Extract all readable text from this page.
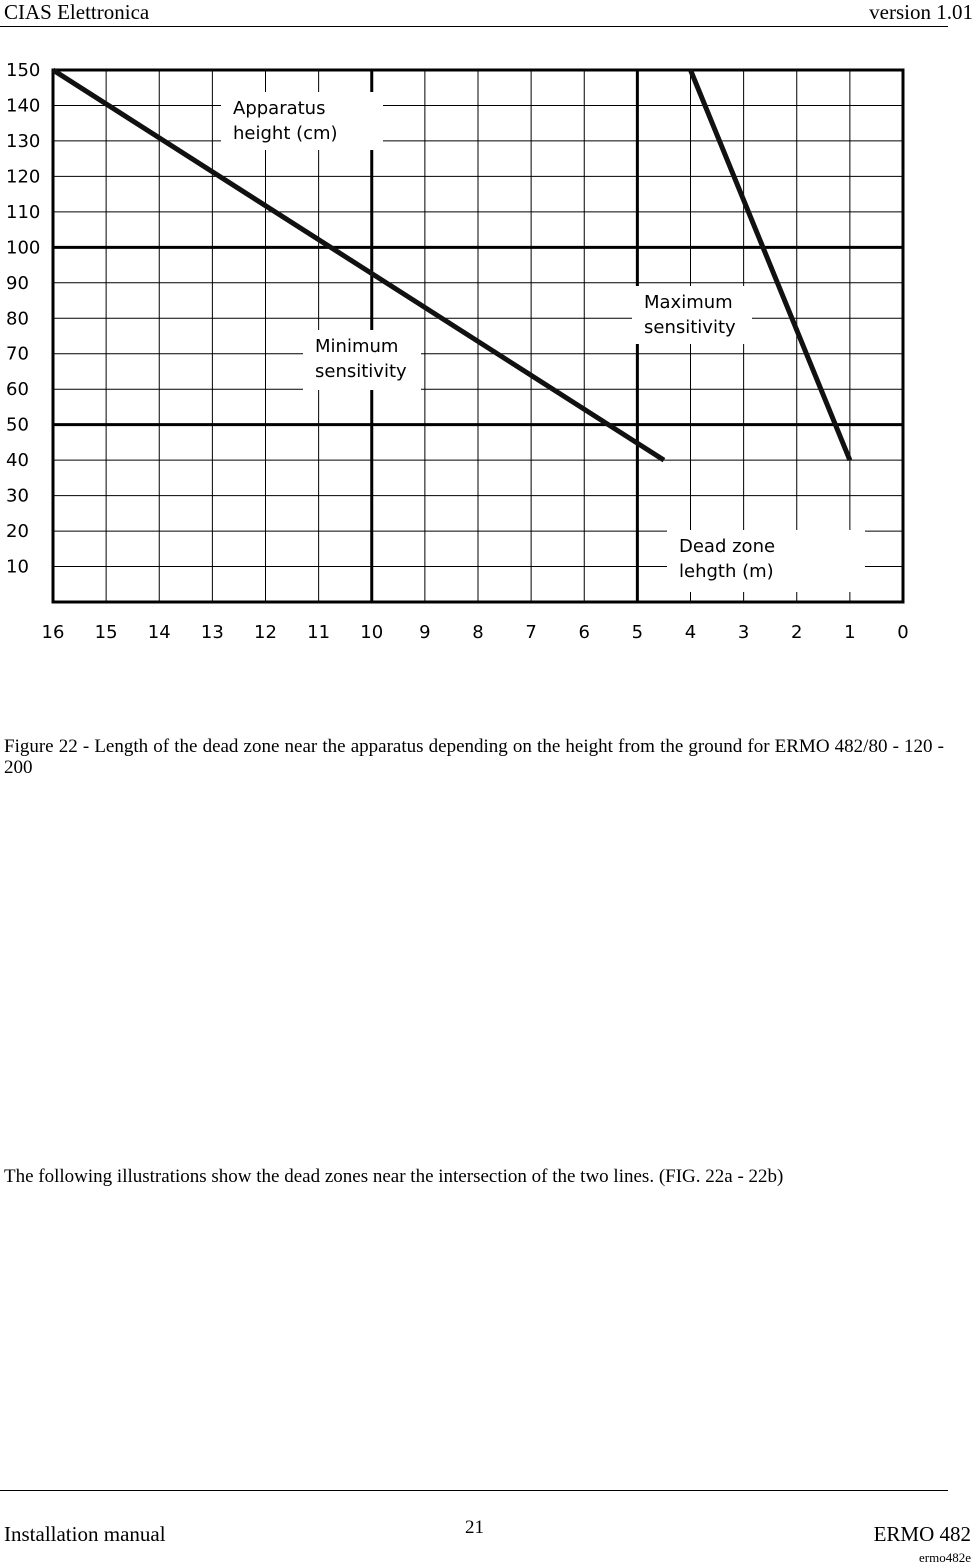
CIAS Elettronica	version 1.01
150
140
130
120
110
100
90
80
70
60
50
40
30
20
10
16 15 14 13 12 11 10 9 8 7 6 5 4 3 2 1 0
Apparatus
height (cm)
Minimum
sensitivity
Maximum
sensitivity
Dead zone
lehgth (m)
Figure 22 - Length of the dead zone near the apparatus depending on the height from the ground for ERMO 482/80 - 120 - 200
The following illustrations show the dead zones near the intersection of the two lines. (FIG. 22a - 22b)
Installation manual	21	ERMO 482
ermo482e
